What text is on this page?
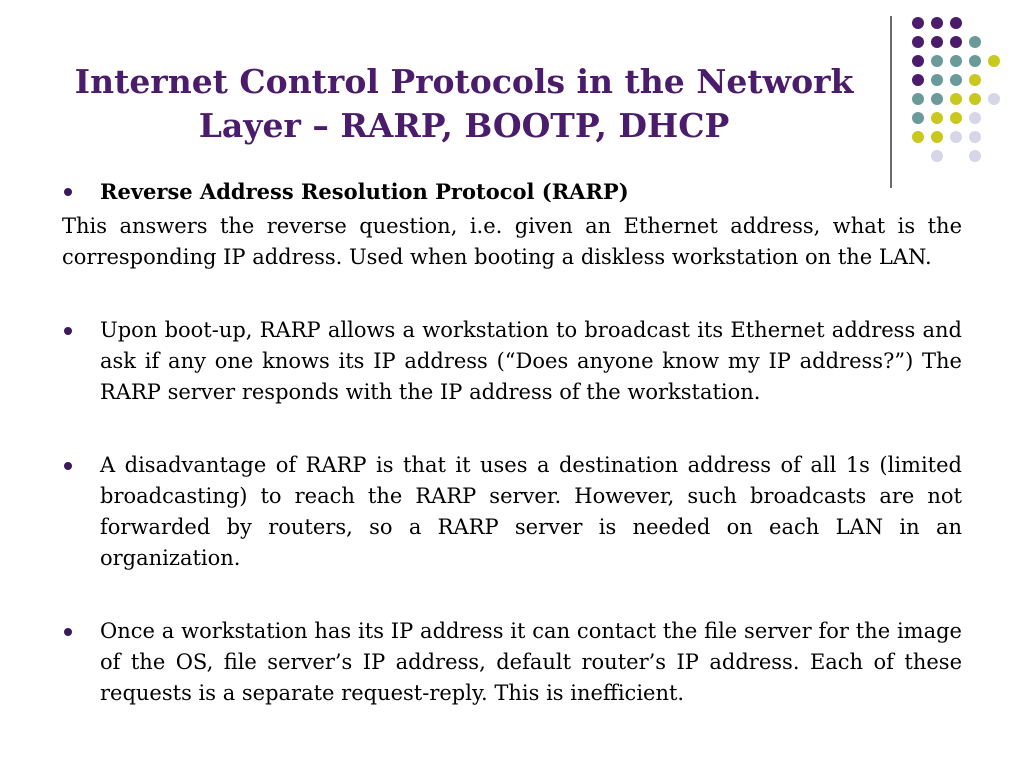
Internet Control Protocols in the Network
Layer – RARP, BOOTP, DHCP
Reverse Address Resolution Protocol (RARP)
This answers the reverse question, i.e. given an Ethernet address, what is the corresponding IP address. Used when booting a diskless workstation on the LAN.
Upon boot-up, RARP allows a workstation to broadcast its Ethernet address and ask if any one knows its IP address (“Does anyone know my IP address?”) The RARP server responds with the IP address of the workstation.
A disadvantage of RARP is that it uses a destination address of all 1s (limited broadcasting) to reach the RARP server. However, such broadcasts are not forwarded by routers, so a RARP server is needed on each LAN in an organization.
Once a workstation has its IP address it can contact the file server for the image of the OS, file server’s IP address, default router’s IP address. Each of these requests is a separate request-reply. This is inefficient.
